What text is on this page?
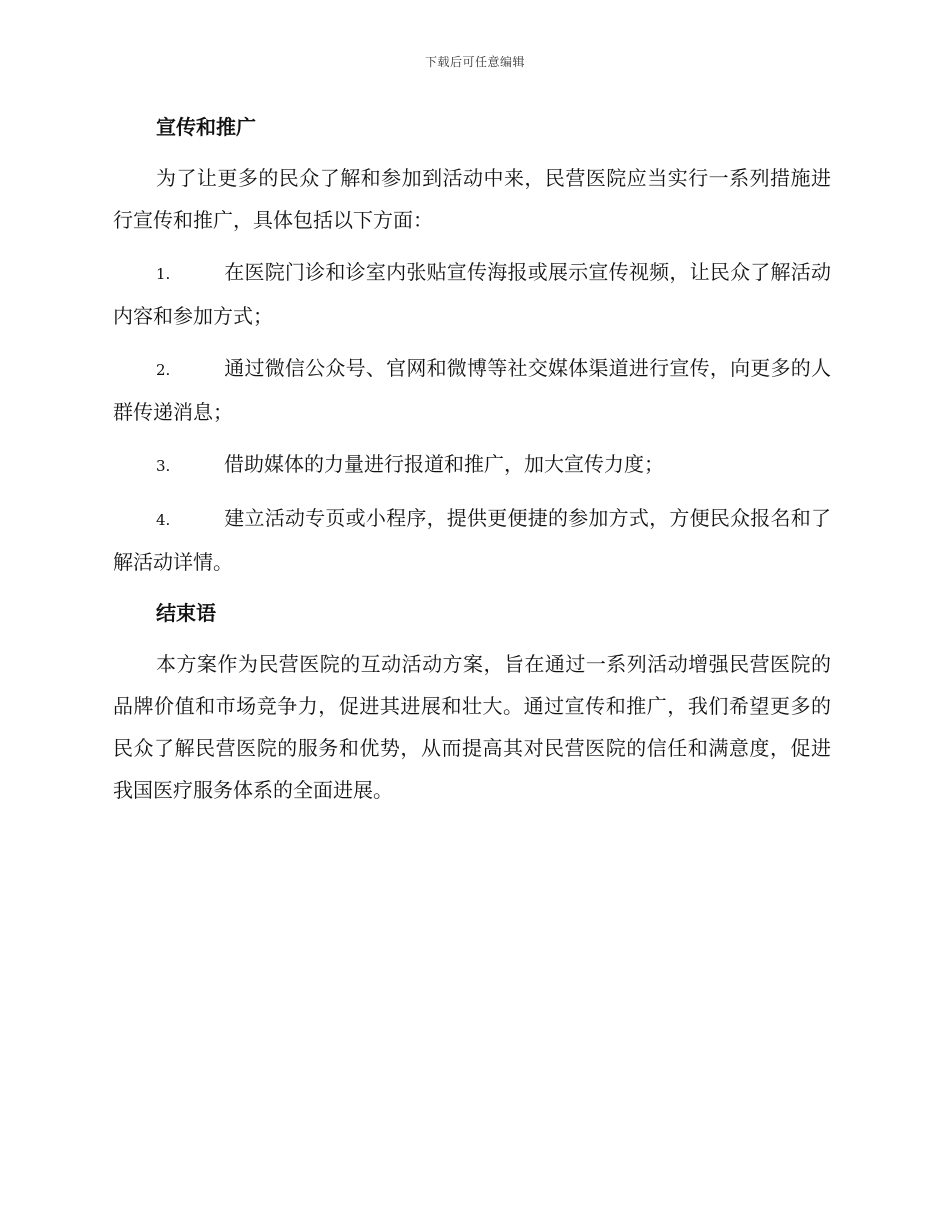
下载后可任意编辑
宣传和推广

为了让更多的民众了解和参加到活动中来，民营医院应当实行一系列措施进行宣传和推广，具体包括以下方面：

1.	在医院门诊和诊室内张贴宣传海报或展示宣传视频，让民众了解活动内容和参加方式；

2.	通过微信公众号、官网和微博等社交媒体渠道进行宣传，向更多的人群传递消息；

3.	借助媒体的力量进行报道和推广，加大宣传力度；

4.	建立活动专页或小程序，提供更便捷的参加方式，方便民众报名和了解活动详情。

结束语

本方案作为民营医院的互动活动方案，旨在通过一系列活动增强民营医院的品牌价值和市场竞争力，促进其进展和壮大。通过宣传和推广，我们希望更多的民众了解民营医院的服务和优势，从而提高其对民营医院的信任和满意度，促进我国医疗服务体系的全面进展。
